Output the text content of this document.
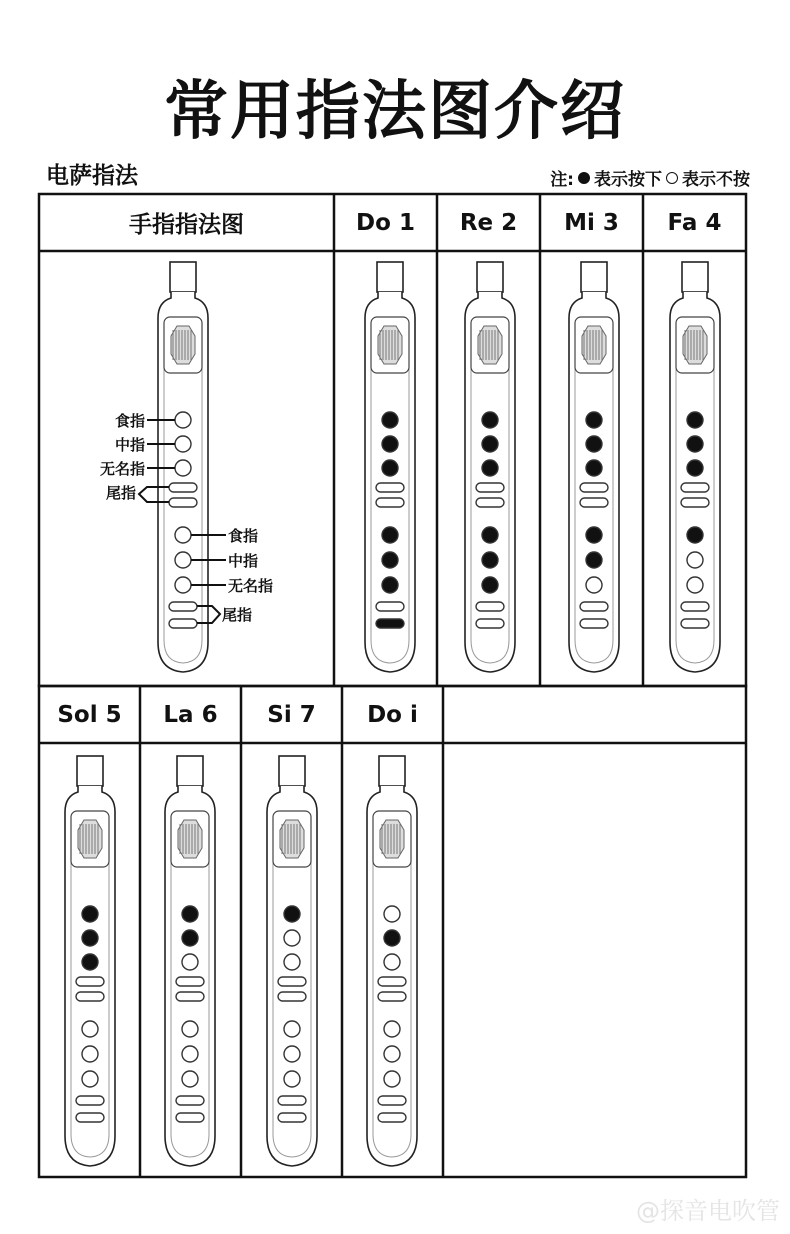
常用指法图介绍
电萨指法	注: 表示按下 表示不按
手指指法图	Do 1	Re 2	Mi 3	Fa 4
Sol 5	La 6	Si 7	Do i
食指
中指
无名指
尾指
食指
中指
无名指
尾指
@探音电吹管
